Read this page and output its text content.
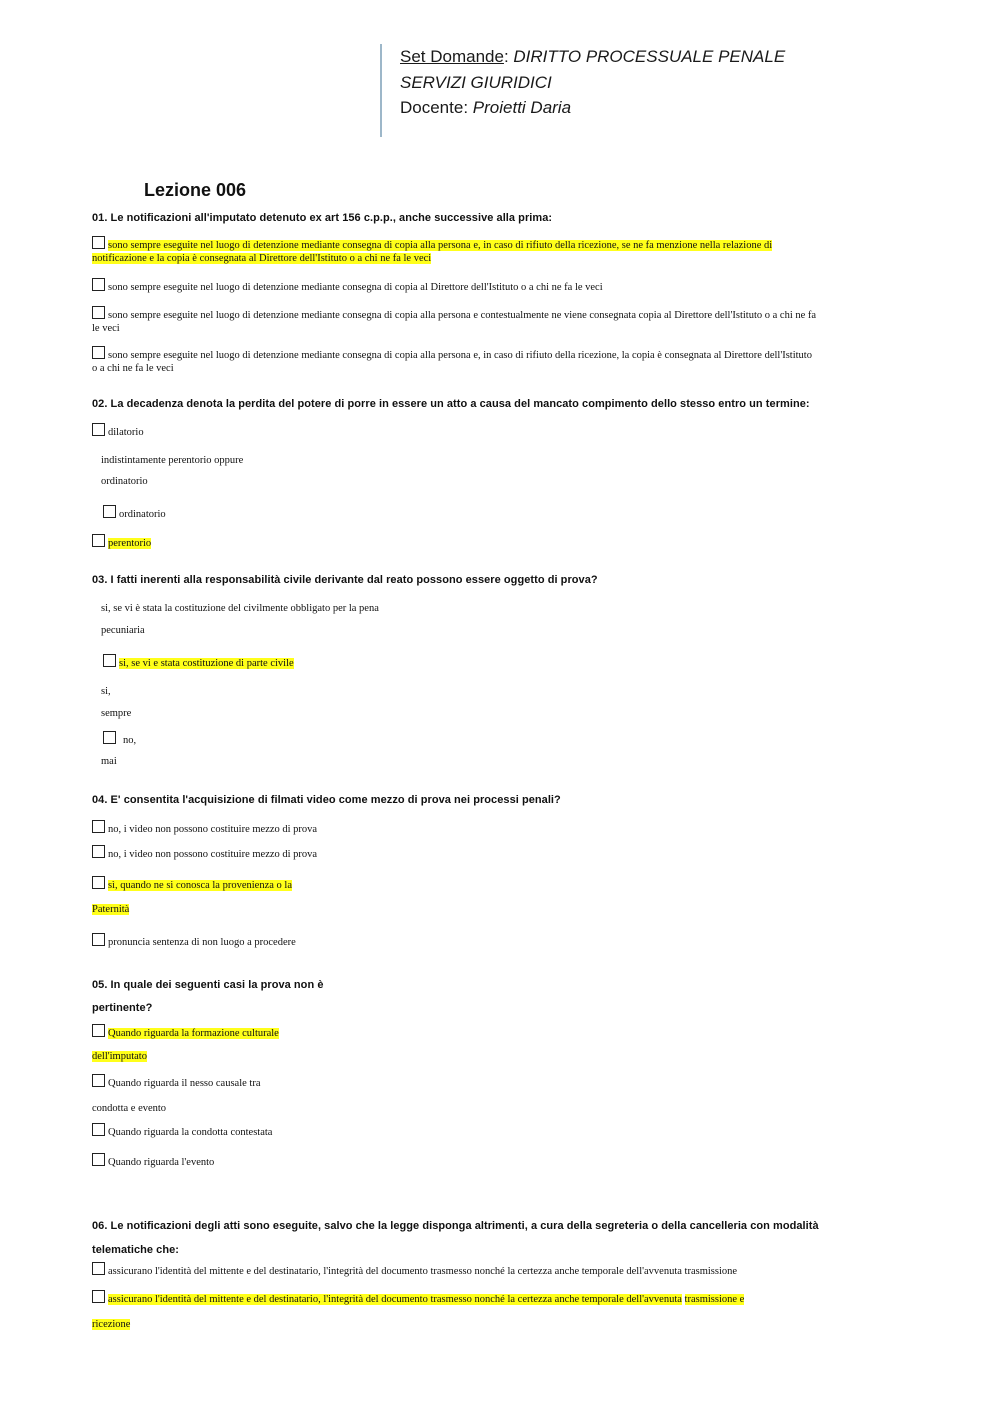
Set Domande: DIRITTO PROCESSUALE PENALE
SERVIZI GIURIDICI
Docente: Proietti Daria
Lezione 006
01. Le notificazioni all'imputato detenuto ex art 156 c.p.p., anche successive alla prima:
sono sempre eseguite nel luogo di detenzione mediante consegna di copia alla persona e, in caso di rifiuto della ricezione, se ne fa menzione nella relazione di
notificazione e la copia è consegnata al Direttore dell'Istituto o a chi ne fa le veci
sono sempre eseguite nel luogo di detenzione mediante consegna di copia al Direttore dell'Istituto o a chi ne fa le veci
sono sempre eseguite nel luogo di detenzione mediante consegna di copia alla persona e contestualmente ne viene consegnata copia al Direttore dell'Istituto o a chi ne fa
le veci
sono sempre eseguite nel luogo di detenzione mediante consegna di copia alla persona e, in caso di rifiuto della ricezione, la copia è consegnata al Direttore dell'Istituto
o a chi ne fa le veci
02. La decadenza denota la perdita del potere di porre in essere un atto a causa del mancato compimento dello stesso entro un termine:
dilatorio
indistintamente perentorio oppure
ordinatorio
ordinatorio
perentorio
03. I fatti inerenti alla responsabilità civile derivante dal reato possono essere oggetto di prova?
si, se vi è stata la costituzione del civilmente obbligato per la pena
pecuniaria
si, se vi e stata costituzione di parte civile
si,
sempre
no,
mai
04. E' consentita l'acquisizione di filmati video come mezzo di prova nei processi penali?
no, i video non possono costituire mezzo di prova
no, i video non possono costituire mezzo di prova
sì, quando ne si conosca la provenienza o la
Paternità
pronuncia sentenza di non luogo a procedere
05. In quale dei seguenti casi la prova non è
pertinente?
Quando riguarda la formazione culturale
dell'imputato
Quando riguarda il nesso causale tra
condotta e evento
Quando riguarda la condotta contestata
Quando riguarda l'evento
06. Le notificazioni degli atti sono eseguite, salvo che la legge disponga altrimenti, a cura della segreteria o della cancelleria con modalità
telematiche che:
assicurano l'identità del mittente e del destinatario, l'integrità del documento trasmesso nonché la certezza anche temporale dell'avvenuta trasmissione
assicurano l'identità del mittente e del destinatario, l'integrità del documento trasmesso nonché la certezza anche temporale dell'avvenuta trasmissione e
ricezione
